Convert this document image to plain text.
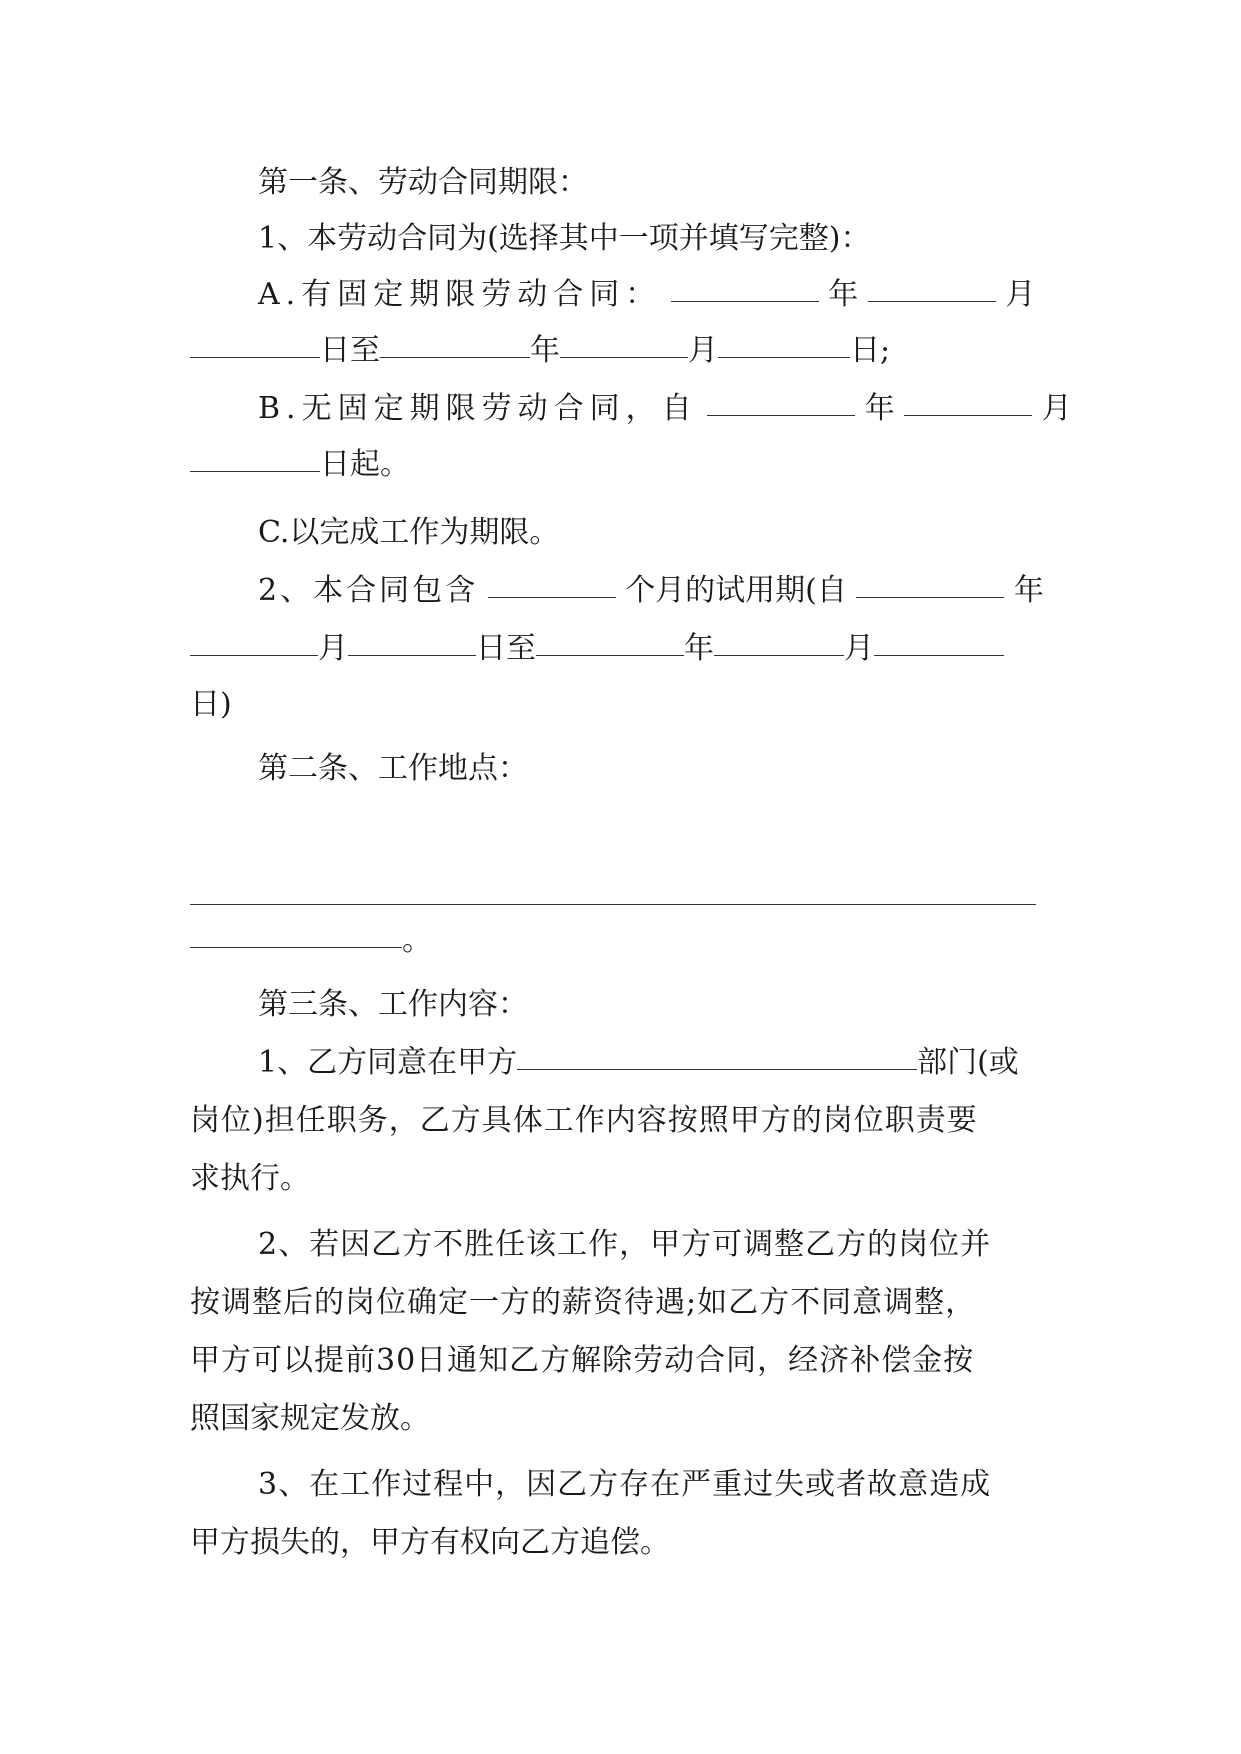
第一条、劳动合同期限：
1、本劳动合同为(选择其中一项并填写完整)：
A.有固定期限劳动合同：	年	月
日至	年	月	日;
B.无固定期限劳动合同，自	年	月
日起。
C.以完成工作为期限。
2、本合同包含	个月的试用期(自	年
月	日至	年	月
日)
第二条、工作地点：
。
第三条、工作内容：
1、乙方同意在甲方	部门(或
岗位)担任职务，乙方具体工作内容按照甲方的岗位职责要
求执行。
2、若因乙方不胜任该工作，甲方可调整乙方的岗位并
按调整后的岗位确定一方的薪资待遇;如乙方不同意调整，
甲方可以提前30日通知乙方解除劳动合同，经济补偿金按
照国家规定发放。
3、在工作过程中，因乙方存在严重过失或者故意造成
甲方损失的，甲方有权向乙方追偿。
